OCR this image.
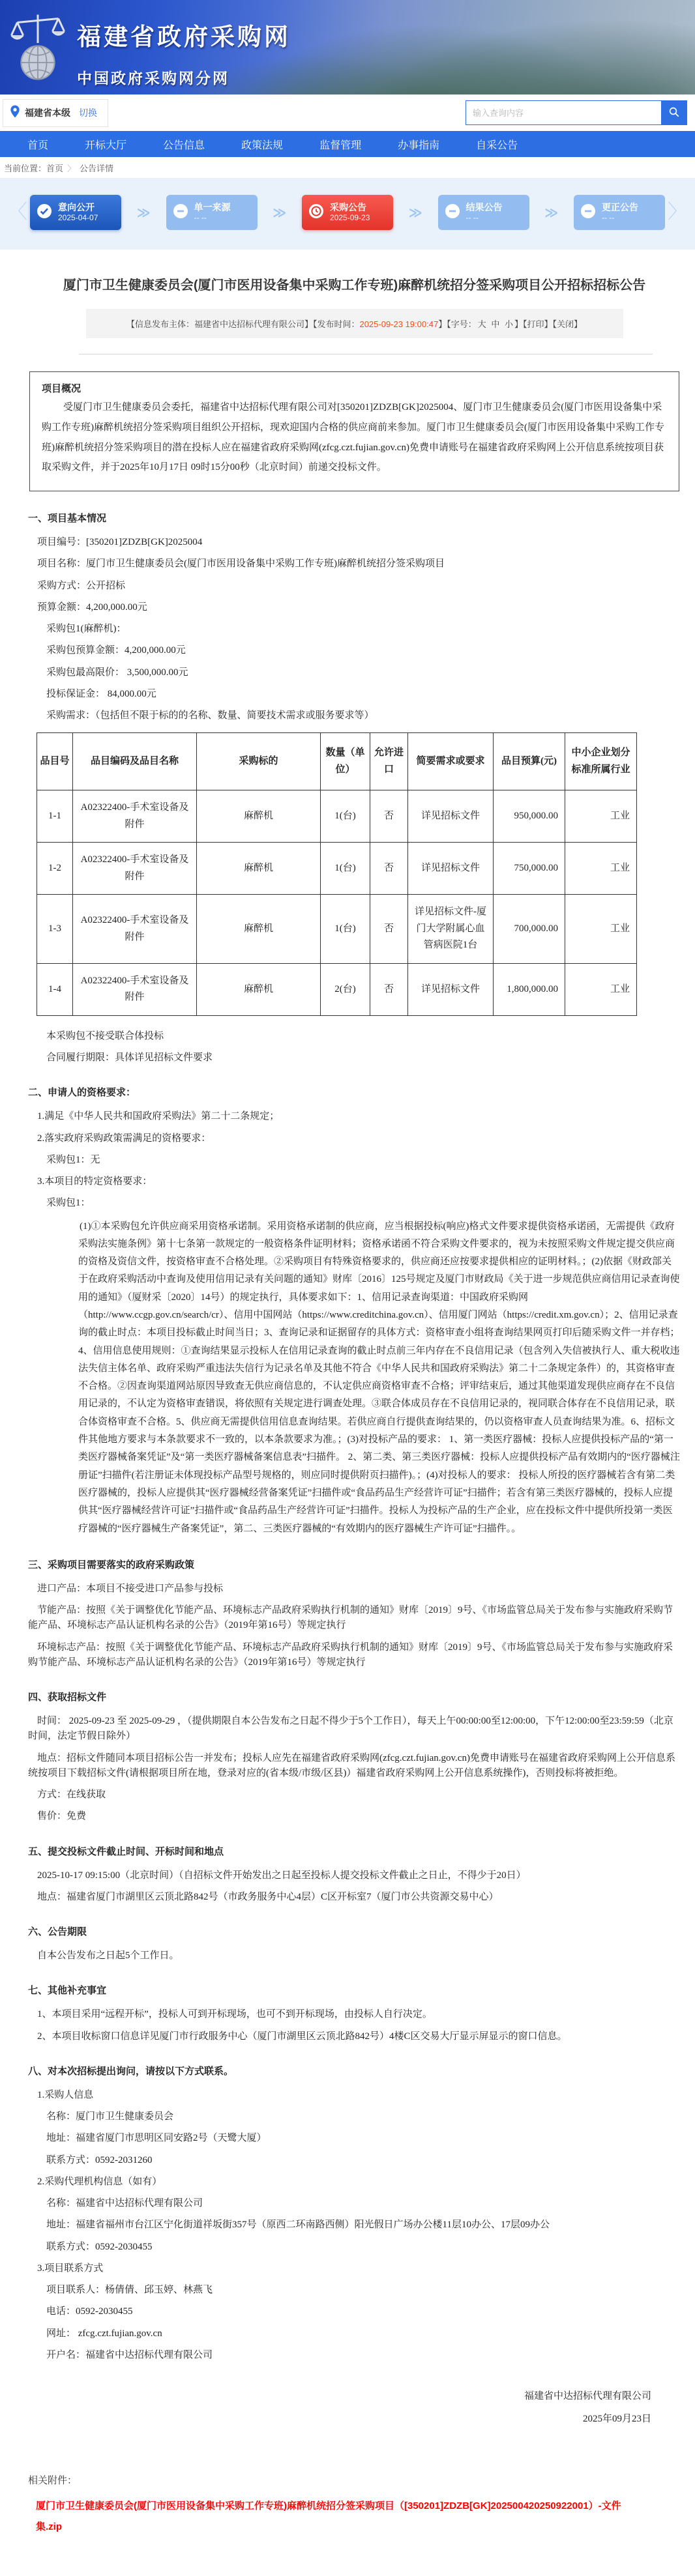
福建省政府采购网
中国政府采购网分网
福建省本级 切换
输入查询内容
首页	开标大厅	公告信息	政策法规	监督管理	办事指南	自采公告
当前位置： 首页 〉 公告详情
〈	意向公开
2025-04-07	≫	单一来源
-- --	≫	采购公告
2025-09-23	≫	结果公告
-- --	≫	更正公告
-- --	〉
厦门市卫生健康委员会(厦门市医用设备集中采购工作专班)麻醉机统招分签采购项目公开招标招标公告
【信息发布主体：福建省中达招标代理有限公司】【发布时间：2025-09-23 19:00:47】【字号： 大 中 小 】【打印】【关闭】
项目概况

受厦门市卫生健康委员会委托，福建省中达招标代理有限公司对[350201]ZDZB[GK]2025004、厦门市卫生健康委员会(厦门市医用设备集中采购工作专班)麻醉机统招分签采购项目组织公开招标，现欢迎国内合格的供应商前来参加。厦门市卫生健康委员会(厦门市医用设备集中采购工作专班)麻醉机统招分签采购项目的潜在投标人应在福建省政府采购网(zfcg.czt.fujian.gov.cn)免费申请账号在福建省政府采购网上公开信息系统按项目获取采购文件，并于2025年10月17日 09时15分00秒（北京时间）前递交投标文件。

一、项目基本情况

项目编号：[350201]ZDZB[GK]2025004

项目名称：厦门市卫生健康委员会(厦门市医用设备集中采购工作专班)麻醉机统招分签采购项目

采购方式：公开招标

预算金额：4,200,000.00元

采购包1(麻醉机)：

采购包预算金额：4,200,000.00元

采购包最高限价： 3,500,000.00元

投标保证金： 84,000.00元

采购需求：（包括但不限于标的的名称、数量、简要技术需求或服务要求等）

品目号	品目编码及品目名称	采购标的	数量（单位）	允许进口	简要需求或要求	品目预算(元)	中小企业划分标准所属行业
1-1	A02322400-手术室设备及附件	麻醉机	1(台)	否	详见招标文件	950,000.00	工业
1-2	A02322400-手术室设备及附件	麻醉机	1(台)	否	详见招标文件	750,000.00	工业
1-3	A02322400-手术室设备及附件	麻醉机	1(台)	否	详见招标文件-厦门大学附属心血管病医院1台	700,000.00	工业
1-4	A02322400-手术室设备及附件	麻醉机	2(台)	否	详见招标文件	1,800,000.00	工业

本采购包不接受联合体投标

合同履行期限：具体详见招标文件要求

二、申请人的资格要求：

1.满足《中华人民共和国政府采购法》第二十二条规定；

2.落实政府采购政策需满足的资格要求：

采购包1：无

3.本项目的特定资格要求：

采购包1：

(1)①本采购包允许供应商采用资格承诺制。采用资格承诺制的供应商，应当根据投标(响应)格式文件要求提供资格承诺函，无需提供《政府采购法实施条例》第十七条第一款规定的一般资格条件证明材料；资格承诺函不符合采购文件要求的，视为未按照采购文件规定提交供应商的资格及资信文件，按资格审查不合格处理。②采购项目有特殊资格要求的，供应商还应按要求提供相应的证明材料。；(2)依据《财政部关于在政府采购活动中查询及使用信用记录有关问题的通知》财库〔2016〕125号规定及厦门市财政局《关于进一步规范供应商信用记录查询使用的通知》（厦财采〔2020〕14号）的规定执行，具体要求如下：1、信用记录查询渠道：中国政府采购网（http://www.ccgp.gov.cn/search/cr）、信用中国网站（https://www.creditchina.gov.cn）、信用厦门网站（https://credit.xm.gov.cn）；2、信用记录查询的截止时点：本项目投标截止时间当日；3、查询记录和证据留存的具体方式：资格审查小组将查询结果网页打印后随采购文件一并存档；4、信用信息使用规则：①查询结果显示投标人在信用记录查询的截止时点前三年内存在不良信用记录（包含列入失信被执行人、重大税收违法失信主体名单、政府采购严重违法失信行为记录名单及其他不符合《中华人民共和国政府采购法》第二十二条规定条件）的，其资格审查不合格。②因查询渠道网站原因导致查无供应商信息的，不认定供应商资格审查不合格；评审结束后，通过其他渠道发现供应商存在不良信用记录的，不认定为资格审查错误，将依照有关规定进行调查处理。③联合体成员存在不良信用记录的，视同联合体存在不良信用记录，联合体资格审查不合格。5、供应商无需提供信用信息查询结果。若供应商自行提供查询结果的，仍以资格审查人员查询结果为准。6、招标文件其他地方要求与本条款要求不一致的，以本条款要求为准。；(3)对投标产品的要求： 1、第一类医疗器械：投标人应提供投标产品的“第一类医疗器械备案凭证”及“第一类医疗器械备案信息表”扫描件。 2、第二类、第三类医疗器械：投标人应提供投标产品有效期内的“医疗器械注册证”扫描件(若注册证未体现投标产品型号规格的，则应同时提供附页扫描件)。；(4)对投标人的要求： 投标人所投的医疗器械若含有第二类医疗器械的，投标人应提供其“医疗器械经营备案凭证”扫描件或“食品药品生产经营许可证”扫描件；若含有第三类医疗器械的，投标人应提供其“医疗器械经营许可证”扫描件或“食品药品生产经营许可证”扫描件。投标人为投标产品的生产企业，应在投标文件中提供所投第一类医疗器械的“医疗器械生产备案凭证”，第二、三类医疗器械的“有效期内的医疗器械生产许可证”扫描件。。

三、采购项目需要落实的政府采购政策

进口产品：本项目不接受进口产品参与投标

节能产品：按照《关于调整优化节能产品、环境标志产品政府采购执行机制的通知》财库〔2019〕9号、《市场监管总局关于发布参与实施政府采购节能产品、环境标志产品认证机构名录的公告》（2019年第16号）等规定执行

环境标志产品：按照《关于调整优化节能产品、环境标志产品政府采购执行机制的通知》财库〔2019〕9号、《市场监管总局关于发布参与实施政府采购节能产品、环境标志产品认证机构名录的公告》（2019年第16号）等规定执行

四、获取招标文件

时间： 2025-09-23 至 2025-09-29 ，（提供期限自本公告发布之日起不得少于5个工作日），每天上午00:00:00至12:00:00，下午12:00:00至23:59:59（北京时间，法定节假日除外）

地点：招标文件随同本项目招标公告一并发布；投标人应先在福建省政府采购网(zfcg.czt.fujian.gov.cn)免费申请账号在福建省政府采购网上公开信息系统按项目下载招标文件(请根据项目所在地，登录对应的(省本级/市级/区县)）福建省政府采购网上公开信息系统操作)，否则投标将被拒绝。

方式：在线获取

售价：免费

五、提交投标文件截止时间、开标时间和地点

2025-10-17 09:15:00（北京时间）（自招标文件开始发出之日起至投标人提交投标文件截止之日止，不得少于20日）

地点：福建省厦门市湖里区云顶北路842号（市政务服务中心4层）C区开标室7（厦门市公共资源交易中心）

六、公告期限

自本公告发布之日起5个工作日。

七、其他补充事宜

1、本项目采用“远程开标”，投标人可到开标现场，也可不到开标现场，由投标人自行决定。

2、本项目收标窗口信息详见厦门市行政服务中心（厦门市湖里区云顶北路842号）4楼C区交易大厅显示屏显示的窗口信息。

八、对本次招标提出询问，请按以下方式联系。

1.采购人信息

名称：厦门市卫生健康委员会

地址：福建省厦门市思明区同安路2号（天鹭大厦）

联系方式：0592-2031260

2.采购代理机构信息（如有）

名称：福建省中达招标代理有限公司

地址：福建省福州市台江区宁化街道祥坂街357号（原西二环南路西侧）阳光假日广场办公楼11层10办公、17层09办公

联系方式：0592-2030455

3.项目联系方式

项目联系人：杨倩倩、邱玉婷、林燕飞

电话：0592-2030455

网址： zfcg.czt.fujian.gov.cn

开户名：福建省中达招标代理有限公司

福建省中达招标代理有限公司
2025年09月23日
相关附件：
厦门市卫生健康委员会(厦门市医用设备集中采购工作专班)麻醉机统招分签采购项目（[350201]ZDZB[GK]202500420250922001）-文件集.zip
